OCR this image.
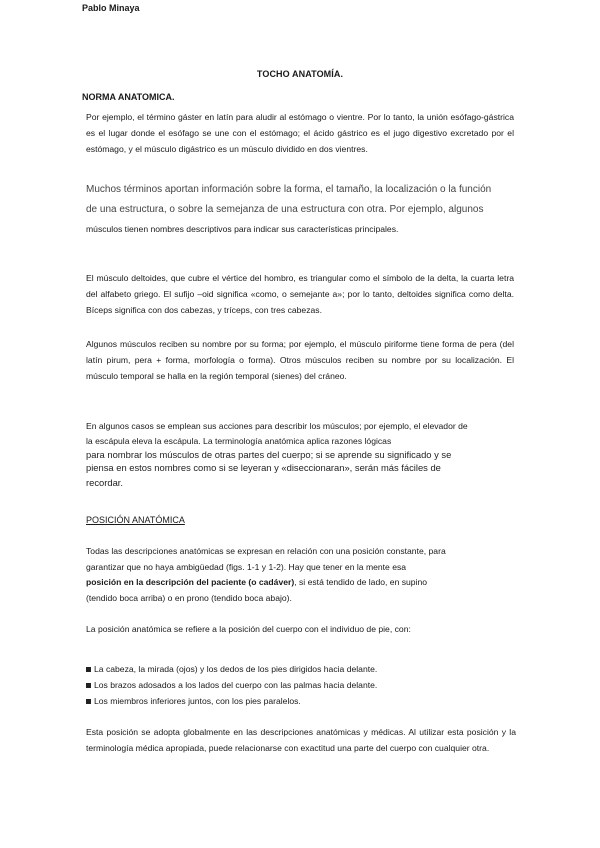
Pablo Minaya

TOCHO ANATOMÍA.

NORMA ANATOMICA.

Por ejemplo, el término gáster en latín para aludir al estómago o vientre. Por lo tanto, la unión esófago-gástrica es el lugar donde el esófago se une con el estómago; el ácido gástrico es el jugo digestivo excretado por el estómago, y el músculo digástrico es un músculo dividido en dos vientres.

Muchos términos aportan información sobre la forma, el tamaño, la localización o la función
de una estructura, o sobre la semejanza de una estructura con otra. Por ejemplo, algunos
músculos tienen nombres descriptivos para indicar sus características principales.

El músculo deltoides, que cubre el vértice del hombro, es triangular como el símbolo de la delta, la cuarta letra del alfabeto griego. El sufijo –oid significa «como, o semejante a»; por lo tanto, deltoides significa como delta. Bíceps significa con dos cabezas, y tríceps, con tres cabezas.

Algunos músculos reciben su nombre por su forma; por ejemplo, el músculo piriforme tiene forma de pera (del latín pirum, pera + forma, morfología o forma). Otros músculos reciben su nombre por su localización. El músculo temporal se halla en la región temporal (sienes) del cráneo.

En algunos casos se emplean sus acciones para describir los músculos; por ejemplo, el elevador de
la escápula eleva la escápula. La terminología anatómica aplica razones lógicas
para nombrar los músculos de otras partes del cuerpo; si se aprende su significado y se
piensa en estos nombres como si se leyeran y «diseccionaran», serán más fáciles de
recordar.

POSICIÓN ANATÓMICA

Todas las descripciones anatómicas se expresan en relación con una posición constante, para
garantizar que no haya ambigüedad (figs. 1-1 y 1-2). Hay que tener en la mente esa
posición en la descripción del paciente (o cadáver), si está tendido de lado, en supino
(tendido boca arriba) o en prono (tendido boca abajo).

La posición anatómica se refiere a la posición del cuerpo con el individuo de pie, con:

La cabeza, la mirada (ojos) y los dedos de los pies dirigidos hacia delante.
Los brazos adosados a los lados del cuerpo con las palmas hacia delante.
Los miembros inferiores juntos, con los pies paralelos.

Esta posición se adopta globalmente en las descripciones anatómicas y médicas. Al utilizar esta posición y la terminología médica apropiada, puede relacionarse con exactitud una parte del cuerpo con cualquier otra.
